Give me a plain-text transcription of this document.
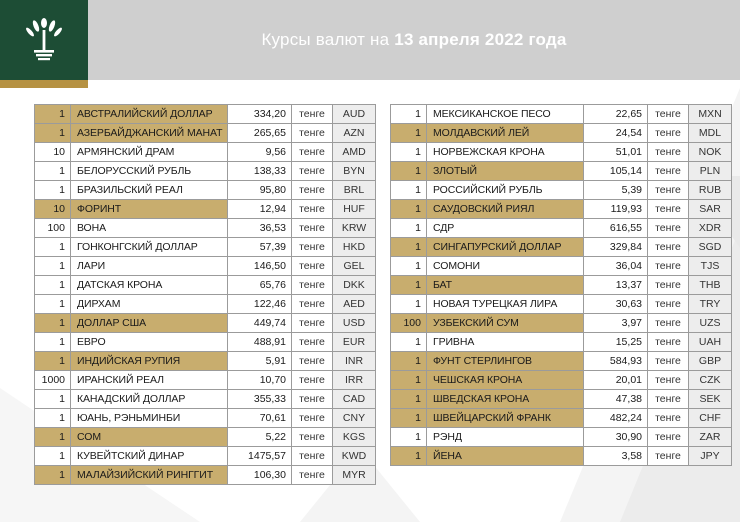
Курсы валют на 13 апреля 2022 года
1	АВСТРАЛИЙСКИЙ ДОЛЛАР	334,20	тенге	AUD
1	АЗЕРБАЙДЖАНСКИЙ МАНАТ	265,65	тенге	AZN
10	АРМЯНСКИЙ ДРАМ	9,56	тенге	AMD
1	БЕЛОРУССКИЙ РУБЛЬ	138,33	тенге	BYN
1	БРАЗИЛЬСКИЙ РЕАЛ	95,80	тенге	BRL
10	ФОРИНТ	12,94	тенге	HUF
100	ВОНА	36,53	тенге	KRW
1	ГОНКОНГСКИЙ ДОЛЛАР	57,39	тенге	HKD
1	ЛАРИ	146,50	тенге	GEL
1	ДАТСКАЯ КРОНА	65,76	тенге	DKK
1	ДИРХАМ	122,46	тенге	AED
1	ДОЛЛАР США	449,74	тенге	USD
1	ЕВРО	488,91	тенге	EUR
1	ИНДИЙСКАЯ РУПИЯ	5,91	тенге	INR
1000	ИРАНСКИЙ РЕАЛ	10,70	тенге	IRR
1	КАНАДСКИЙ ДОЛЛАР	355,33	тенге	CAD
1	ЮАНЬ, РЭНЬМИНБИ	70,61	тенге	CNY
1	СОМ	5,22	тенге	KGS
1	КУВЕЙТСКИЙ ДИНАР	1475,57	тенге	KWD
1	МАЛАЙЗИЙСКИЙ РИНГГИТ	106,30	тенге	MYR
1	МЕКСИКАНСКОЕ ПЕСО	22,65	тенге	MXN
1	МОЛДАВСКИЙ ЛЕЙ	24,54	тенге	MDL
1	НОРВЕЖСКАЯ КРОНА	51,01	тенге	NOK
1	ЗЛОТЫЙ	105,14	тенге	PLN
1	РОССИЙСКИЙ РУБЛЬ	5,39	тенге	RUB
1	САУДОВСКИЙ РИЯЛ	119,93	тенге	SAR
1	СДР	616,55	тенге	XDR
1	СИНГАПУРСКИЙ ДОЛЛАР	329,84	тенге	SGD
1	СОМОНИ	36,04	тенге	TJS
1	БАТ	13,37	тенге	THB
1	НОВАЯ ТУРЕЦКАЯ ЛИРА	30,63	тенге	TRY
100	УЗБЕКСКИЙ СУМ	3,97	тенге	UZS
1	ГРИВНА	15,25	тенге	UAH
1	ФУНТ СТЕРЛИНГОВ	584,93	тенге	GBP
1	ЧЕШСКАЯ КРОНА	20,01	тенге	CZK
1	ШВЕДСКАЯ КРОНА	47,38	тенге	SEK
1	ШВЕЙЦАРСКИЙ ФРАНК	482,24	тенге	CHF
1	РЭНД	30,90	тенге	ZAR
1	ЙЕНА	3,58	тенге	JPY
